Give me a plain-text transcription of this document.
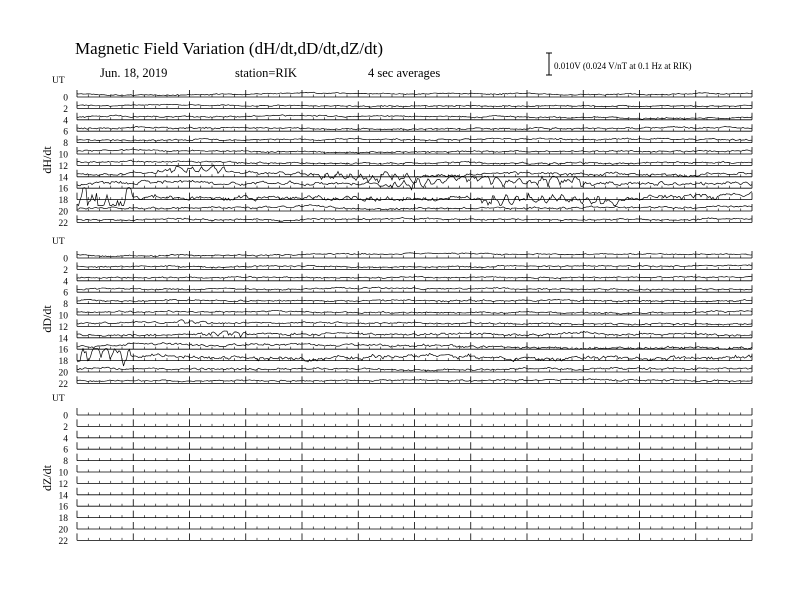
Magnetic Field Variation (dH/dt,dD/dt,dZ/dt)
Jun. 18, 2019	station=RIK	4 sec averages	0.010V (0.024 V/nT at 0.1 Hz at RIK)
UT
dH/dt
0
2
4
6
8
10
12
14
16
18
20
22
UT
dD/dt
0
2
4
6
8
10
12
14
16
18
20
22
UT
dZ/dt
0
2
4
6
8
10
12
14
16
18
20
22
